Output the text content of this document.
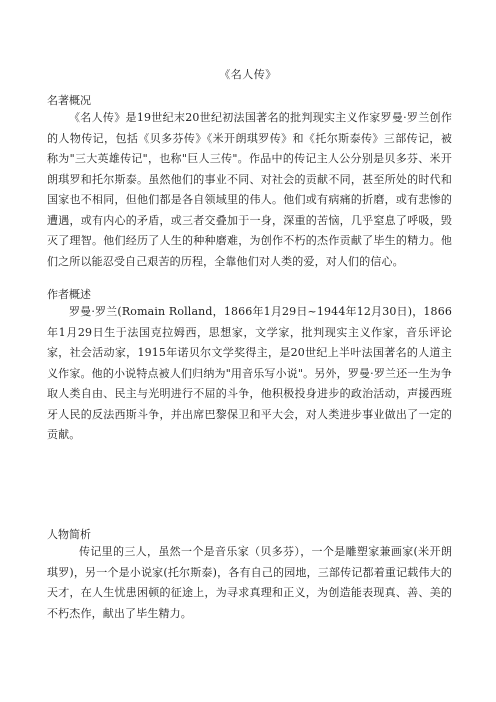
《名人传》

名著概况

《名人传》是19世纪末20世纪初法国著名的批判现实主义作家罗曼·罗兰创作的人物传记，包括《贝多芬传》《米开朗琪罗传》和《托尔斯泰传》三部传记，被称为"三大英雄传记"，也称"巨人三传"。作品中的传记主人公分别是贝多芬、米开朗琪罗和托尔斯泰。虽然他们的事业不同、对社会的贡献不同，甚至所处的时代和国家也不相同，但他们都是各自领域里的伟人。他们或有病痛的折磨，或有悲惨的遭遇，或有内心的矛盾，或三者交叠加于一身，深重的苦恼，几乎窒息了呼吸，毁灭了理智。他们经历了人生的种种磨难，为创作不朽的杰作贡献了毕生的精力。他们之所以能忍受自己艰苦的历程，全靠他们对人类的爱，对人们的信心。

作者概述

罗曼·罗兰(Romain Rolland，1866年1月29日~1944年12月30日)，1866年1月29日生于法国克拉姆西，思想家，文学家，批判现实主义作家，音乐评论家，社会活动家，1915年诺贝尔文学奖得主，是20世纪上半叶法国著名的人道主义作家。他的小说特点被人们归纳为"用音乐写小说"。另外，罗曼·罗兰还一生为争取人类自由、民主与光明进行不屈的斗争，他积极投身进步的政治活动，声援西班牙人民的反法西斯斗争，并出席巴黎保卫和平大会，对人类进步事业做出了一定的贡献。

人物简析

传记里的三人，虽然一个是音乐家（贝多芬），一个是雕塑家兼画家(米开朗琪罗)，另一个是小说家(托尔斯泰)，各有自己的园地，三部传记都着重记载伟大的天才，在人生忧患困顿的征途上，为寻求真理和正义，为创造能表现真、善、美的不朽杰作，献出了毕生精力。
